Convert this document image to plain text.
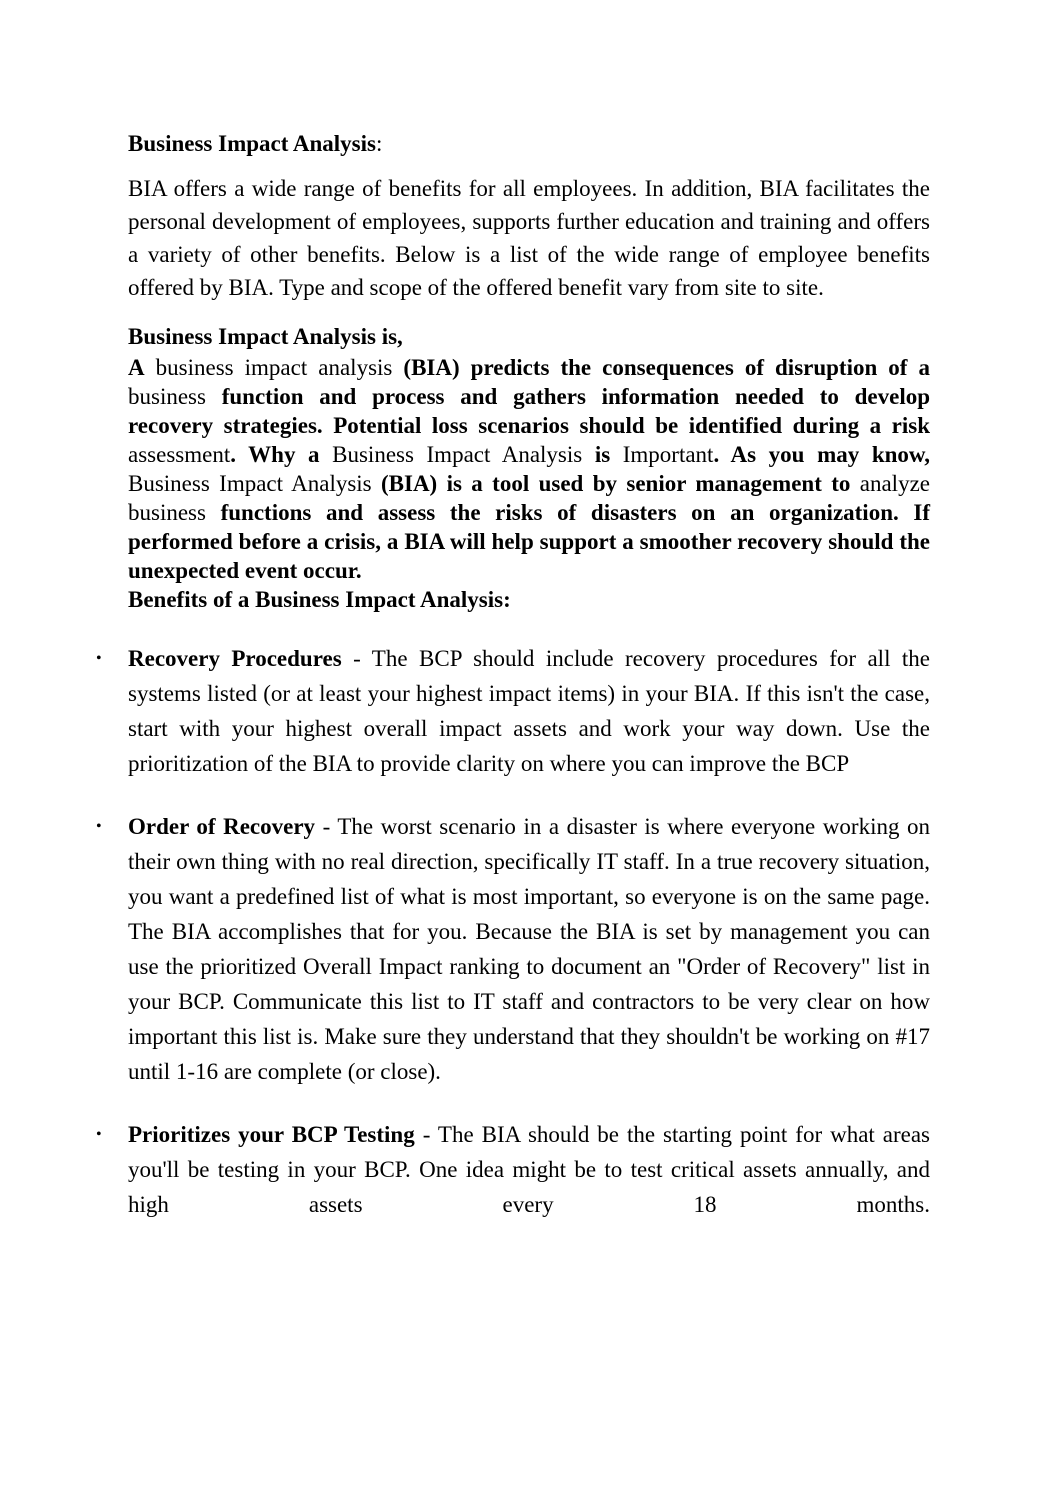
Business Impact Analysis:

BIA offers a wide range of benefits for all employees. In addition, BIA facilitates the personal development of employees, supports further education and training and offers a variety of other benefits. Below is a list of the wide range of employee benefits offered by BIA. Type and scope of the offered benefit vary from site to site.

Business Impact Analysis is,

A business impact analysis (BIA) predicts the consequences of disruption of a business function and process and gathers information needed to develop recovery strategies. Potential loss scenarios should be identified during a risk assessment. Why a Business Impact Analysis is Important. As you may know, Business Impact Analysis (BIA) is a tool used by senior management to analyze business functions and assess the risks of disasters on an organization. If performed before a crisis, a BIA will help support a smoother recovery should the unexpected event occur.

Benefits of a Business Impact Analysis:

• Recovery Procedures - The BCP should include recovery procedures for all the systems listed (or at least your highest impact items) in your BIA. If this isn't the case, start with your highest overall impact assets and work your way down. Use the prioritization of the BIA to provide clarity on where you can improve the BCP
• Order of Recovery - The worst scenario in a disaster is where everyone working on their own thing with no real direction, specifically IT staff. In a true recovery situation, you want a predefined list of what is most important, so everyone is on the same page. The BIA accomplishes that for you. Because the BIA is set by management you can use the prioritized Overall Impact ranking to document an "Order of Recovery" list in your BCP. Communicate this list to IT staff and contractors to be very clear on how important this list is. Make sure they understand that they shouldn't be working on #17 until 1-16 are complete (or close).
• Prioritizes your BCP Testing - The BIA should be the starting point for what areas you'll be testing in your BCP. One idea might be to test critical assets annually, and high assets every 18 months.
